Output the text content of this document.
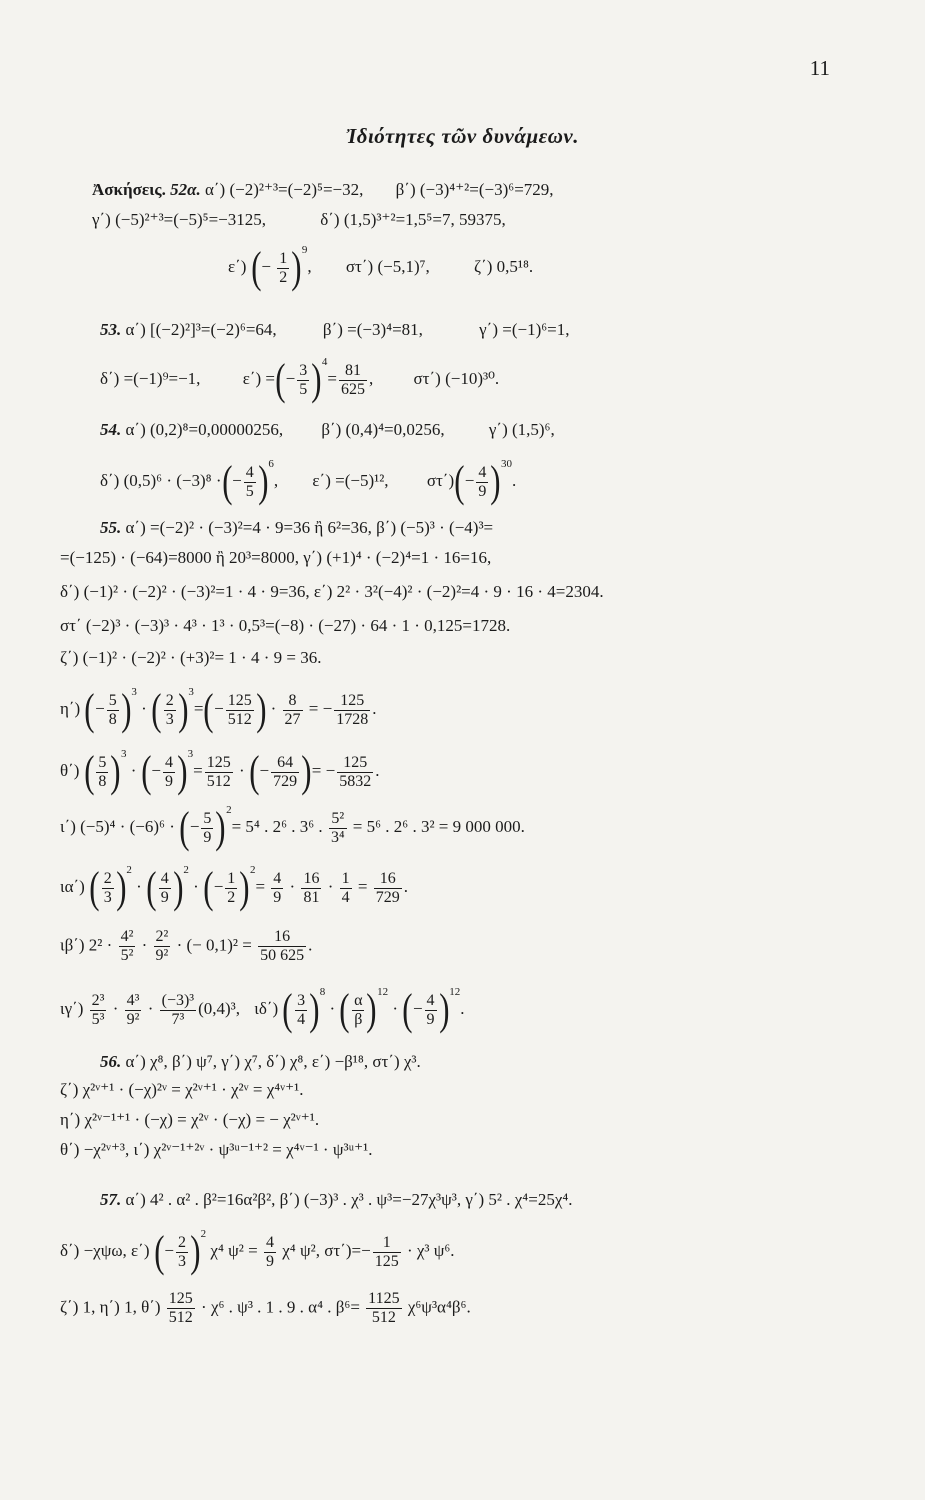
11
Ἰδιότητες τῶν δυνάμεων.
Ἀσκήσεις. 52α. α΄) (−2)²⁺³=(−2)⁵=−32, β΄) (−3)⁴⁺²=(−3)⁶=729,
γ΄) (−5)²⁺³=(−5)⁵=−3125,	δ΄) (1,5)³⁺²=1,5⁵=7, 59375,
ε΄) (− $\frac{1}{2} )9$, στ΄) (−5,1)⁷,	ζ΄) 0,5¹⁸.
53. α΄) [(−2)²]³=(−2)⁶=64,	β΄) =(−3)⁴=81,	γ΄) =(−1)⁶=1,
δ΄) =(−1)⁹=−1, ε΄) =(− $\frac{3}{5} )4= \frac{81}{625}$ , στ΄) (−10)³⁰.
54. α΄) (0,2)⁸=0,00000256, β΄) (0,4)⁴=0,0256,	γ΄) (1,5)⁶,
δ΄) (0,5)⁶ · (−3)⁸ ·(− $\frac{4}{5} )6$, ε΄) =(−5)¹², $\sigma\tau΄)(- \frac{4}{9} )30$.
55. α΄) =(−2)² · (−3)²=4 · 9=36 ἢ 6²=36, β΄) (−5)³ · (−4)³=
=(−125) · (−64)=8000 ἢ 20³=8000, γ΄) (+1)⁴ · (−2)⁴=1 · 16=16,
δ΄) (−1)² · (−2)² · (−3)²=1 · 4 · 9=36, ε΄) 2² · 3²(−4)² · (−2)²=4 · 9 · 16 · 4=2304.
στ΄ (−2)³ · (−3)³ · 4³ · 1³ · 0,5³=(−8) · (−27) · 64 · 1 · 0,125=1728.
ζ΄) (−1)² · (−2)² · (+3)²= 1 · 4 · 9 = 36.
η΄) (− $\frac{5}{8} )3$ · ( $\frac{2}{3} )3=(- \frac{125}{512}$ ) · $\frac{8}{27}$ = − $\frac{125}{1728}$ .
θ΄) ( $\frac{5}{8} )3$ · (− $\frac{4}{9} )3= \frac{125}{512}$ · (− $\frac{64}{729}$ )= − $\frac{125}{5832}$ .
ι΄) (−5)⁴ · (−6)⁶ · (− $\frac{5}{9} )2= 5^4$ . 2⁶ . 3⁶ . $\frac{\text{5²}}{\text{3⁴}} = 5^6$ . 2⁶ . 3² = 9 000 000.
ια΄) ( $\frac{2}{3} )2$ · ( $\frac{4}{9} )2$ · (− $\frac{1}{2} )2= \frac{4}{9} \cdot \frac{16}{81} \cdot \frac{1}{4} = \frac{16}{729}$ .
ιβ΄) $2^2 \cdot \frac{\text{4²}}{\text{5²}} \cdot \frac{\text{2²}}{\text{9²}}$ · (− $0,1)^2 = \frac{16}{50 625}$ .
$\iota\gamma΄) \frac{\text{2³}}{\text{5³}} \cdot \frac{\text{4³}}{\text{9²}} \cdot \frac{\text{(−3)³}}{\text{7³}} (0,4)^3$, ιδ΄) ( $\frac{3}{4} )8$ · ( $\frac{\alpha}{\beta} )12$ · (− $\frac{4}{9} )12$.
56. α΄) χ⁸, β΄) ψ⁷, γ΄) χ⁷, δ΄) χ⁸, ε΄) −β¹⁸, στ΄) χ³.
ζ΄) χ²ᵛ⁺¹ · (−χ)²ᵛ = χ²ᵛ⁺¹ · χ²ᵛ = χ⁴ᵛ⁺¹.
η΄) χ²ᵛ⁻¹⁺¹ · (−χ) = χ²ᵛ · (−χ) = − χ²ᵛ⁺¹.
θ΄) −χ²ᵛ⁺³, ι΄) χ²ᵛ⁻¹⁺²ᵛ · ψ³ᵘ⁻¹⁺² = χ⁴ᵛ⁻¹ · ψ³ᵘ⁺¹.
57. α΄) 4² . α² . β²=16α²β², β΄) (−3)³ . χ³ . ψ³=−27χ³ψ³, γ΄) 5² . χ⁴=25χ⁴.
δ΄) −χψω, ε΄) (− $\frac{2}{3} )2$ χ⁴ $\psi^2 = \frac{4}{9} \chi^4$ ψ², $\sigma\tau΄)=- \frac{1}{125} \cdot \chi^3$ ψ⁶.
ζ΄) 1, η΄) 1, $\theta΄) \frac{125}{512} \cdot \chi^6$ . ψ³ . 1 . 9 . α⁴ . $\beta^6= \frac{1125}{512} \chi^6\psi^3\alpha^4\beta^6$.
